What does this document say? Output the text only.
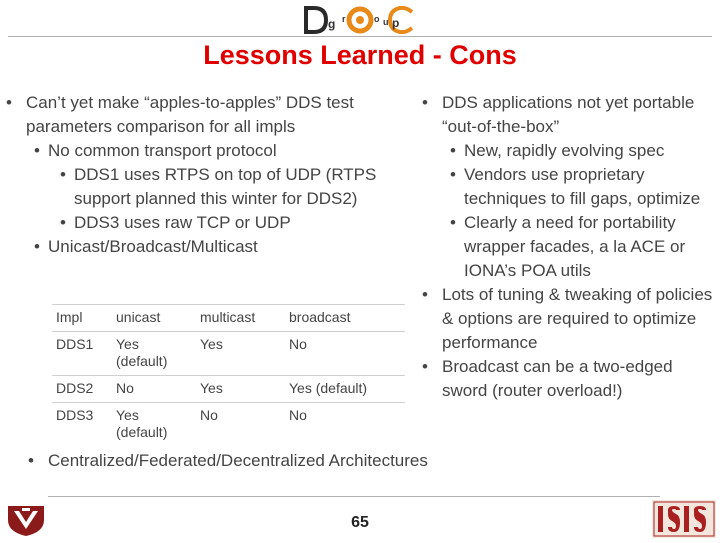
g r	o u p
Lessons Learned - Cons
• Can’t yet make “apples-to-apples” DDS test parameters comparison for all impls
• No common transport protocol
• DDS1 uses RTPS on top of UDP (RTPS support planned this winter for DDS2)
• DDS3 uses raw TCP or UDP
• Unicast/Broadcast/Multicast
Impl	unicast	multicast	broadcast
DDS1	Yes (default)	Yes	No
DDS2	No	Yes	Yes (default)
DDS3	Yes (default)	No	No
• Centralized/Federated/Decentralized Architectures
• DDS applications not yet portable “out-of-the-box”
• New, rapidly evolving spec
• Vendors use proprietary techniques to fill gaps, optimize
• Clearly a need for portability wrapper facades, a la ACE or IONA’s POA utils
• Lots of tuning & tweaking of policies & options are required to optimize performance
• Broadcast can be a two-edged sword (router overload!)
65
